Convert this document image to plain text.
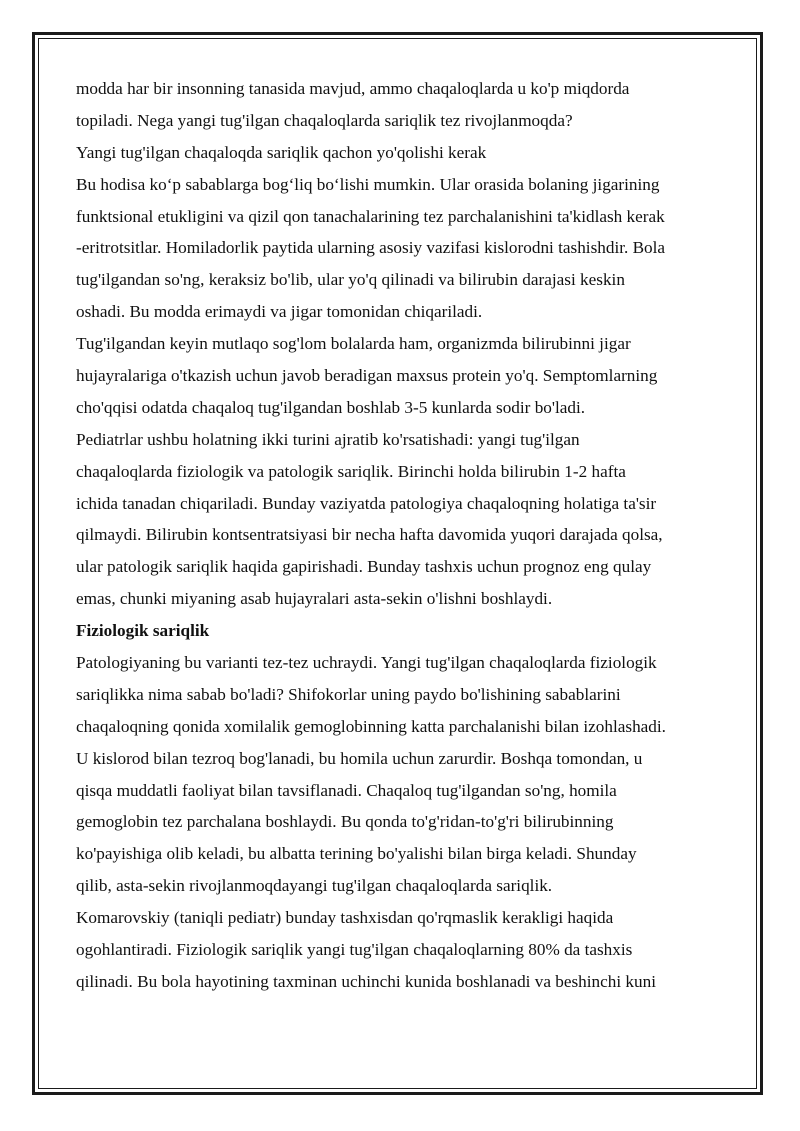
modda har bir insonning tanasida mavjud, ammo chaqaloqlarda u ko'p miqdorda
topiladi. Nega yangi tug'ilgan chaqaloqlarda sariqlik tez rivojlanmoqda?
Yangi tug'ilgan chaqaloqda sariqlik qachon yo'qolishi kerak
Bu hodisa koʻp sabablarga bogʻliq boʻlishi mumkin. Ular orasida bolaning jigarining
funktsional etukligini va qizil qon tanachalarining tez parchalanishini ta'kidlash kerak
-eritrotsitlar. Homiladorlik paytida ularning asosiy vazifasi kislorodni tashishdir. Bola
tug'ilgandan so'ng, keraksiz bo'lib, ular yo'q qilinadi va bilirubin darajasi keskin
oshadi. Bu modda erimaydi va jigar tomonidan chiqariladi.
Tug'ilgandan keyin mutlaqo sog'lom bolalarda ham, organizmda bilirubinni jigar
hujayralariga o'tkazish uchun javob beradigan maxsus protein yo'q. Semptomlarning
cho'qqisi odatda chaqaloq tug'ilgandan boshlab 3-5 kunlarda sodir bo'ladi.
Pediatrlar ushbu holatning ikki turini ajratib ko'rsatishadi: yangi tug'ilgan
chaqaloqlarda fiziologik va patologik sariqlik. Birinchi holda bilirubin 1-2 hafta
ichida tanadan chiqariladi. Bunday vaziyatda patologiya chaqaloqning holatiga ta'sir
qilmaydi. Bilirubin kontsentratsiyasi bir necha hafta davomida yuqori darajada qolsa,
ular patologik sariqlik haqida gapirishadi. Bunday tashxis uchun prognoz eng qulay
emas, chunki miyaning asab hujayralari asta-sekin o'lishni boshlaydi.
Fiziologik sariqlik
Patologiyaning bu varianti tez-tez uchraydi. Yangi tug'ilgan chaqaloqlarda fiziologik
sariqlikka nima sabab bo'ladi? Shifokorlar uning paydo bo'lishining sabablarini
chaqaloqning qonida xomilalik gemoglobinning katta parchalanishi bilan izohlashadi.
U kislorod bilan tezroq bog'lanadi, bu homila uchun zarurdir. Boshqa tomondan, u
qisqa muddatli faoliyat bilan tavsiflanadi. Chaqaloq tug'ilgandan so'ng, homila
gemoglobin tez parchalana boshlaydi. Bu qonda to'g'ridan-to'g'ri bilirubinning
ko'payishiga olib keladi, bu albatta terining bo'yalishi bilan birga keladi. Shunday
qilib, asta-sekin rivojlanmoqdayangi tug'ilgan chaqaloqlarda sariqlik.
Komarovskiy (taniqli pediatr) bunday tashxisdan qo'rqmaslik kerakligi haqida
ogohlantiradi. Fiziologik sariqlik yangi tug'ilgan chaqaloqlarning 80% da tashxis
qilinadi. Bu bola hayotining taxminan uchinchi kunida boshlanadi va beshinchi kuni
